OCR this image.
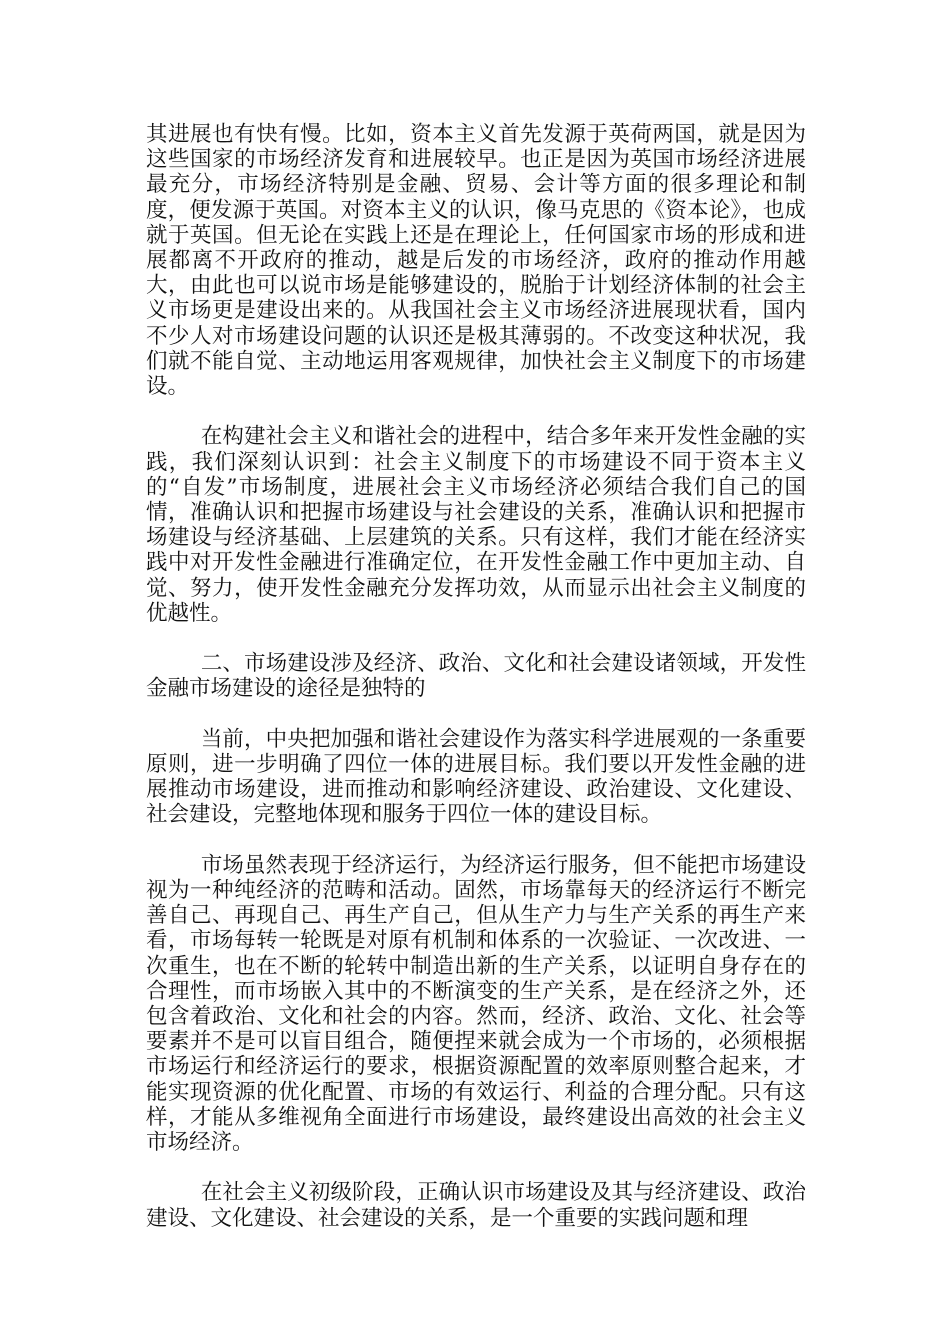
其进展也有快有慢。比如，资本主义首先发源于英荷两国，就是因为这些国家的市场经济发育和进展较早。也正是因为英国市场经济进展最充分，市场经济特别是金融、贸易、会计等方面的很多理论和制度，便发源于英国。对资本主义的认识，像马克思的《资本论》，也成就于英国。但无论在实践上还是在理论上，任何国家市场的形成和进展都离不开政府的推动，越是后发的市场经济，政府的推动作用越大，由此也可以说市场是能够建设的，脱胎于计划经济体制的社会主义市场更是建设出来的。从我国社会主义市场经济进展现状看，国内不少人对市场建设问题的认识还是极其薄弱的。不改变这种状况，我们就不能自觉、主动地运用客观规律，加快社会主义制度下的市场建设。

在构建社会主义和谐社会的进程中，结合多年来开发性金融的实践，我们深刻认识到：社会主义制度下的市场建设不同于资本主义的“自发”市场制度，进展社会主义市场经济必须结合我们自己的国情，准确认识和把握市场建设与社会建设的关系，准确认识和把握市场建设与经济基础、上层建筑的关系。只有这样，我们才能在经济实践中对开发性金融进行准确定位，在开发性金融工作中更加主动、自觉、努力，使开发性金融充分发挥功效，从而显示出社会主义制度的优越性。

二、市场建设涉及经济、政治、文化和社会建设诸领域，开发性金融市场建设的途径是独特的

当前，中央把加强和谐社会建设作为落实科学进展观的一条重要原则，进一步明确了四位一体的进展目标。我们要以开发性金融的进展推动市场建设，进而推动和影响经济建设、政治建设、文化建设、社会建设，完整地体现和服务于四位一体的建设目标。

市场虽然表现于经济运行，为经济运行服务，但不能把市场建设视为一种纯经济的范畴和活动。固然，市场靠每天的经济运行不断完善自己、再现自己、再生产自己，但从生产力与生产关系的再生产来看，市场每转一轮既是对原有机制和体系的一次验证、一次改进、一次重生，也在不断的轮转中制造出新的生产关系，以证明自身存在的合理性，而市场嵌入其中的不断演变的生产关系，是在经济之外，还包含着政治、文化和社会的内容。然而，经济、政治、文化、社会等要素并不是可以盲目组合，随便捏来就会成为一个市场的，必须根据市场运行和经济运行的要求，根据资源配置的效率原则整合起来，才能实现资源的优化配置、市场的有效运行、利益的合理分配。只有这样，才能从多维视角全面进行市场建设，最终建设出高效的社会主义市场经济。

在社会主义初级阶段，正确认识市场建设及其与经济建设、政治建设、文化建设、社会建设的关系，是一个重要的实践问题和理
